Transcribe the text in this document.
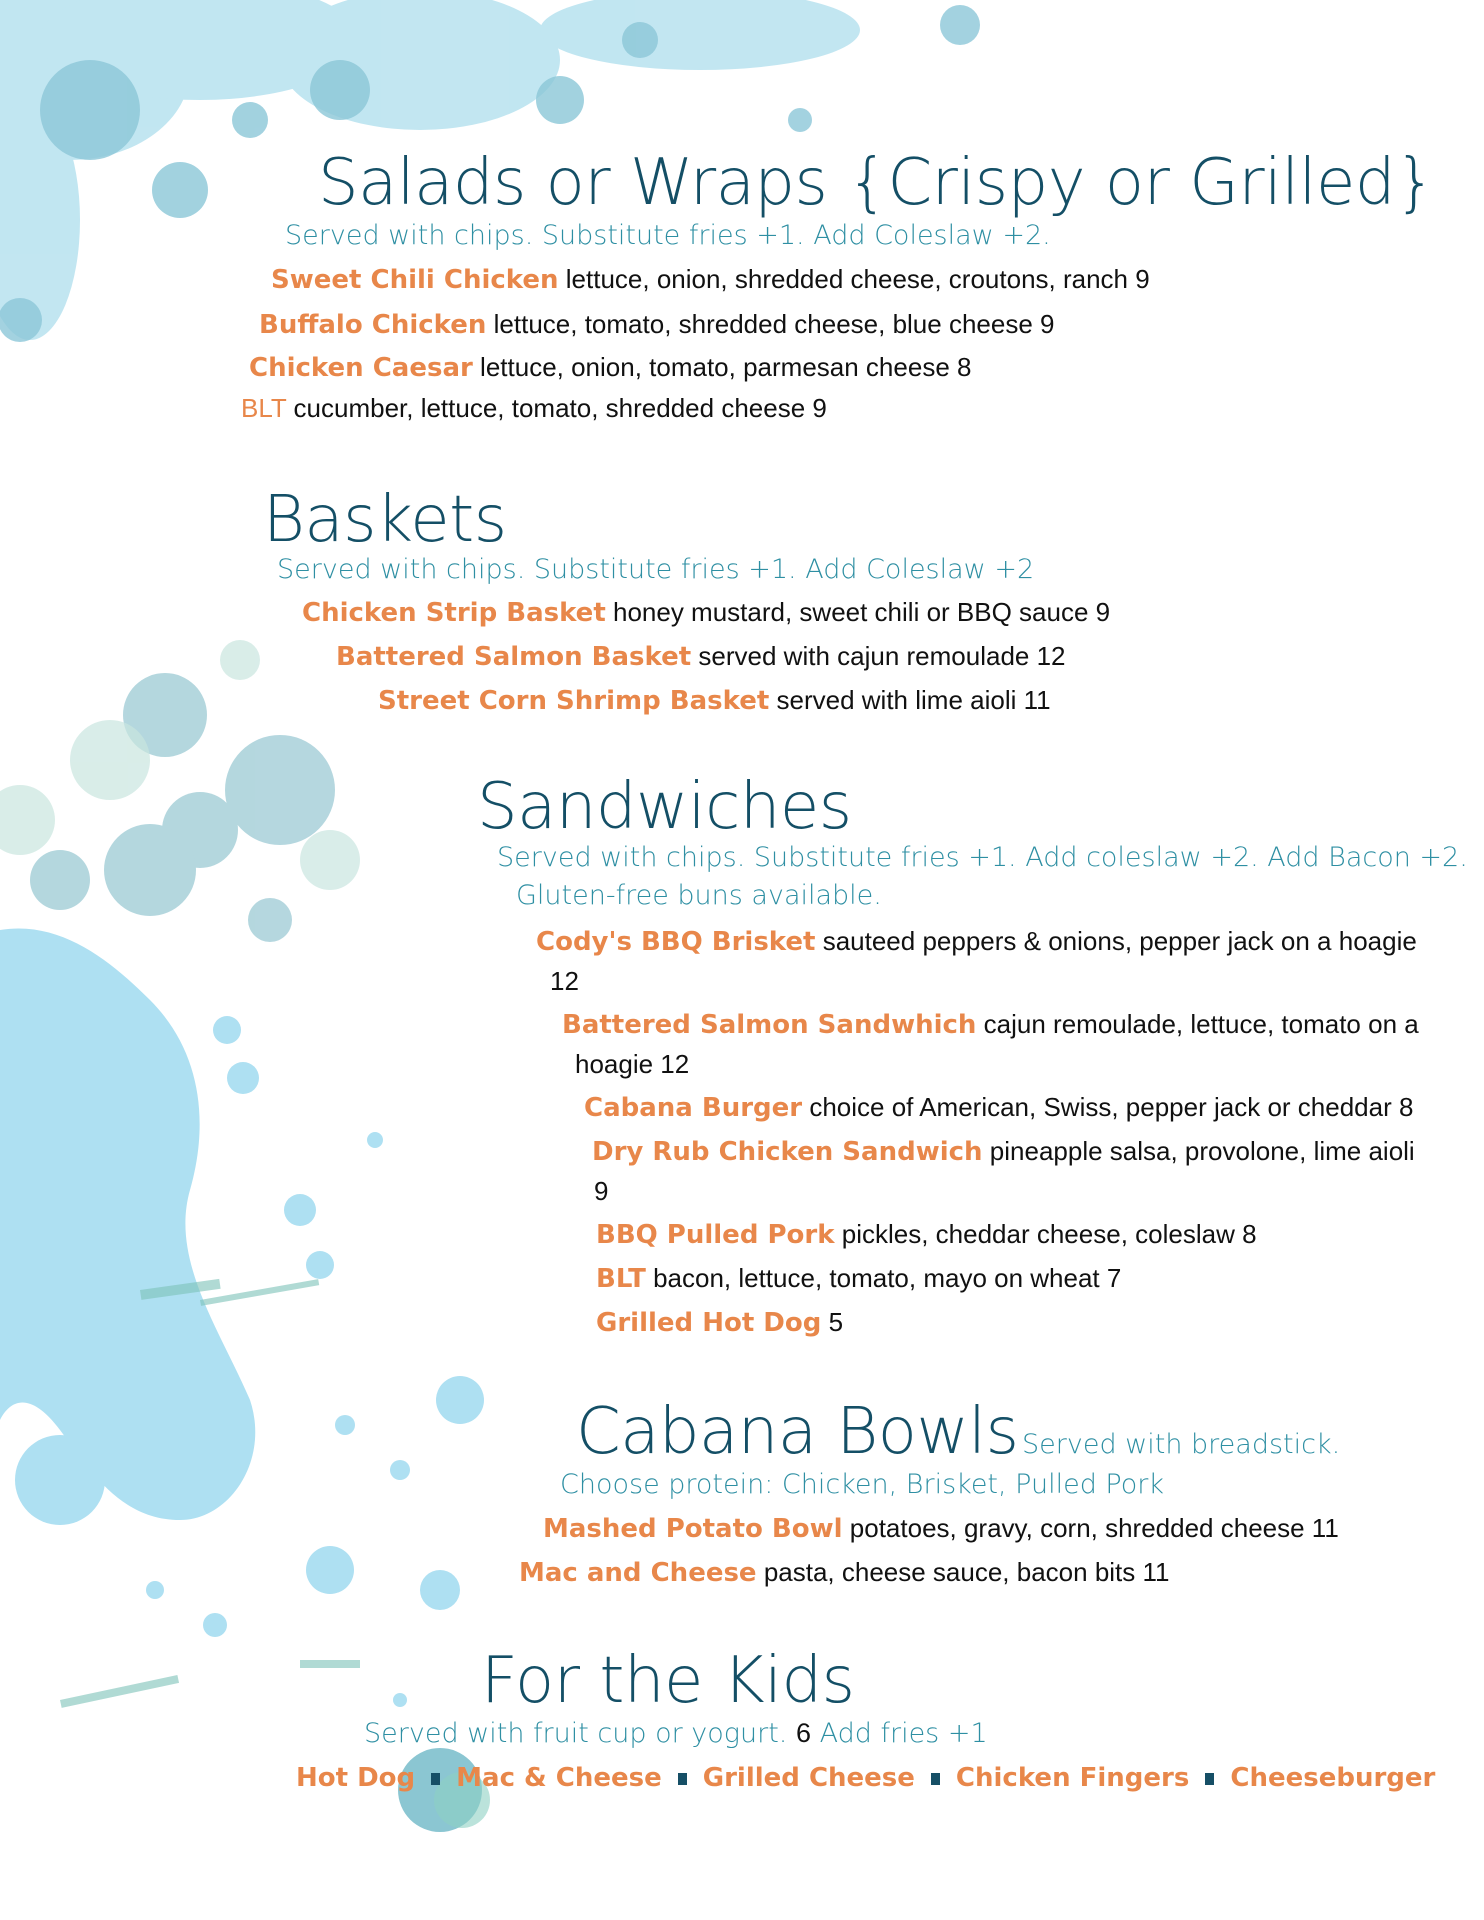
Salads or Wraps {Crispy or Grilled}
Served with chips. Substitute fries +1. Add Coleslaw +2.
Sweet Chili Chicken lettuce, onion, shredded cheese, croutons, ranch 9
Buffalo Chicken lettuce, tomato, shredded cheese, blue cheese 9
Chicken Caesar lettuce, onion, tomato, parmesan cheese 8
BLT cucumber, lettuce, tomato, shredded cheese 9
Baskets
Served with chips. Substitute fries +1. Add Coleslaw +2
Chicken Strip Basket honey mustard, sweet chili or BBQ sauce 9
Battered Salmon Basket served with cajun remoulade 12
Street Corn Shrimp Basket served with lime aioli 11
Sandwiches
Served with chips. Substitute fries +1. Add coleslaw +2. Add Bacon +2.
Gluten-free buns available.
Cody's BBQ Brisket sauteed peppers & onions, pepper jack on a hoagie
12
Battered Salmon Sandwhich cajun remoulade, lettuce, tomato on a
hoagie 12
Cabana Burger choice of American, Swiss, pepper jack or cheddar 8
Dry Rub Chicken Sandwich pineapple salsa, provolone, lime aioli
9
BBQ Pulled Pork pickles, cheddar cheese, coleslaw 8
BLT bacon, lettuce, tomato, mayo on wheat 7
Grilled Hot Dog 5
Cabana Bowls Served with breadstick.
Choose protein: Chicken, Brisket, Pulled Pork
Mashed Potato Bowl potatoes, gravy, corn, shredded cheese 11
Mac and Cheese pasta, cheese sauce, bacon bits 11
For the Kids
Served with fruit cup or yogurt. 6 Add fries +1
Hot Dog Mac & Cheese Grilled Cheese Chicken Fingers Cheeseburger
